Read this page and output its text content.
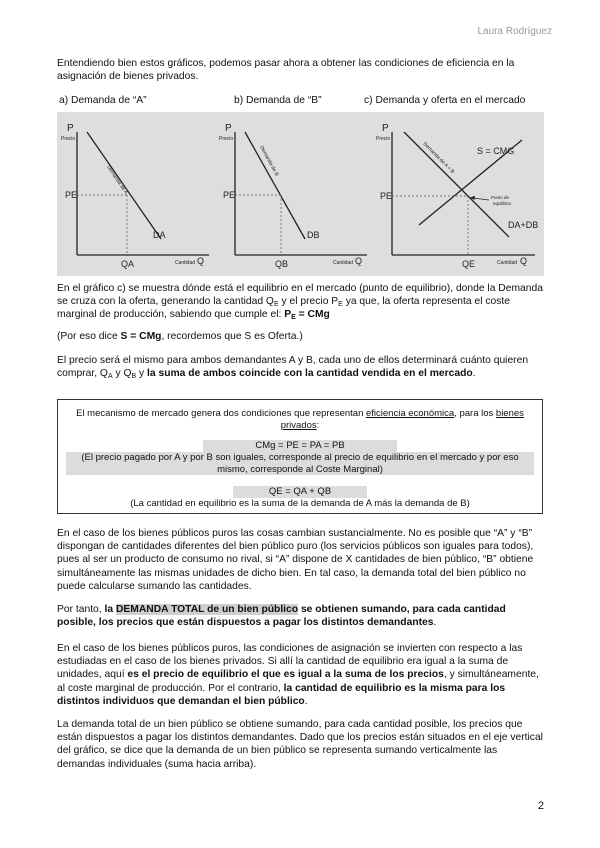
Laura Rodríguez

Entendiendo bien estos gráficos, podemos pasar ahora a obtener las condiciones de eficiencia en la asignación de bienes privados.

a) Demanda de “A”	b) Demanda de “B”	c) Demanda y oferta en el mercado
P
Precio
PE
QA
DA
Cantidad Q
Demanda de A
P
Precio
PE
QB
DB
Cantidad Q
Demanda de B
P
Precio
PE
QE
Punto de
equilibrio
S = CMG
DA+DB
Cantidad Q
Demanda de A + B

En el gráfico c) se muestra dónde está el equilibrio en el mercado (punto de equilibrio), donde la Demanda se cruza con la oferta, generando la cantidad $Q_E$ y el precio $P_E$ ya que, la oferta representa el coste marginal de producción, sabiendo que cumple el: $P_E$ = CMg

(Por eso dice S = CMg, recordemos que S es Oferta.)

El precio será el mismo para ambos demandantes A y B, cada uno de ellos determinará cuánto quieren comprar, $Q_A$ y $Q_B$ y la suma de ambos coincide con la cantidad vendida en el mercado.

El mecanismo de mercado genera dos condiciones que representan eficiencia económica, para los bienes
privados:
CMg = PE = PA = PB
(El precio pagado por A y por B son iguales, corresponde al precio de equilibrio en el mercado y por eso mismo, corresponde al Coste Marginal)
QE = QA + QB
(La cantidad en equilibrio es la suma de la demanda de A más la demanda de B)

En el caso de los bienes públicos puros las cosas cambian sustancialmente. No es posible que “A” y “B” dispongan de cantidades diferentes del bien público puro (los servicios públicos son iguales para todos), pues al ser un producto de consumo no rival, si “A” dispone de X cantidades de bien público, “B” obtiene simultáneamente las mismas unidades de dicho bien. En tal caso, la demanda total del bien público no puede calcularse sumando las cantidades.

Por tanto, la DEMANDA TOTAL de un bien público se obtienen sumando, para cada cantidad posible, los precios que están dispuestos a pagar los distintos demandantes.

En el caso de los bienes públicos puros, las condiciones de asignación se invierten con respecto a las estudiadas en el caso de los bienes privados. Si allí la cantidad de equilibrio era igual a la suma de unidades, aquí es el precio de equilibrio el que es igual a la suma de los precios, y simultáneamente, al coste marginal de producción. Por el contrario, la cantidad de equilibrio es la misma para los distintos individuos que demandan el bien público.

La demanda total de un bien público se obtiene sumando, para cada cantidad posible, los precios que están dispuestos a pagar los distintos demandantes. Dado que los precios están situados en el eje vertical del gráfico, se dice que la demanda de un bien público se representa sumando verticalmente las demandas individuales (suma hacia arriba).

2
